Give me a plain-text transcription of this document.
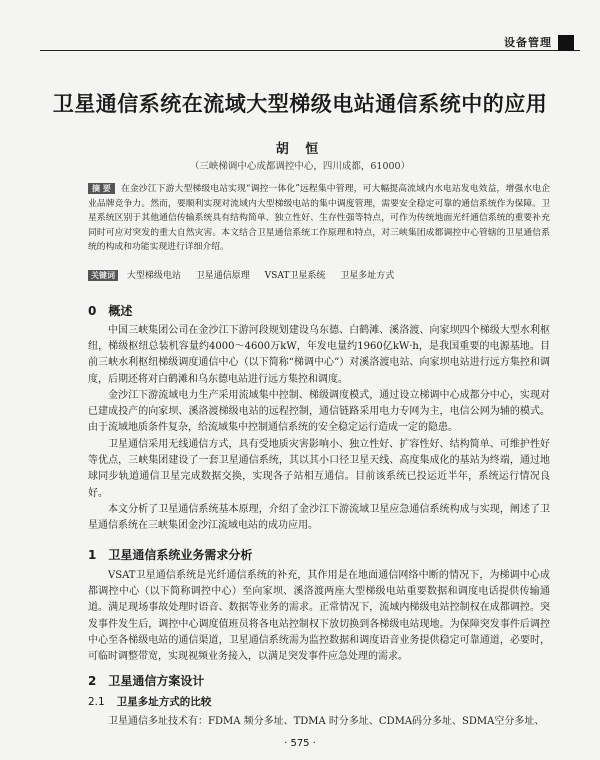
设备管理
卫星通信系统在流域大型梯级电站通信系统中的应用
胡 恒
（三峡梯调中心成都调控中心，四川成都，61000）
摘 要 在金沙江下游大型梯级电站实现“调控一体化”远程集中管理，可大幅提高流域内水电站发电效益，增强水电企业品牌竞争力。然而，要顺利实现对流域内大型梯级电站的集中调度管理，需要安全稳定可靠的通信系统作为保障。卫星系统区别于其他通信传输系统具有结构简单、独立性好、生存性强等特点，可作为传统地面光纤通信系统的重要补充同时可应对突发的重大自然灾害。本文结合卫星通信系统工作原理和特点，对三峡集团成都调控中心管辖的卫星通信系统的构成和功能实现进行详细介绍。
关键词 大型梯级电站 卫星通信原理 VSAT卫星系统 卫星多址方式
0 概述

中国三峡集团公司在金沙江下游河段规划建设乌东德、白鹤滩、溪洛渡、向家坝四个梯级大型水利枢纽，梯级枢纽总装机容量约4000～4600万kW，年发电量约1960亿kW·h，是我国重要的电源基地。目前三峡水利枢纽梯级调度通信中心（以下简称“梯调中心”）对溪洛渡电站、向家坝电站进行远方集控和调度，后期还将对白鹤滩和乌东德电站进行远方集控和调度。

金沙江下游流域电力生产采用流域集中控制、梯级调度模式，通过设立梯调中心成都分中心，实现对已建成投产的向家坝、溪洛渡梯级电站的远程控制，通信链路采用电力专网为主，电信公网为辅的模式。由于流域地质条件复杂，给流域集中控制通信系统的安全稳定运行造成一定的隐患。

卫星通信采用无线通信方式，具有受地质灾害影响小、独立性好、扩容性好、结构简单、可维护性好等优点，三峡集团建设了一套卫星通信系统，其以其小口径卫星天线、高度集成化的基站为终端，通过地球同步轨道通信卫星完成数据交换，实现各子站相互通信。目前该系统已投运近半年，系统运行情况良好。

本文分析了卫星通信系统基本原理，介绍了金沙江下游流域卫星应急通信系统构成与实现，阐述了卫星通信系统在三峡集团金沙江流域电站的成功应用。

1 卫星通信系统业务需求分析

VSAT卫星通信系统是光纤通信系统的补充，其作用是在地面通信网络中断的情况下，为梯调中心成都调控中心（以下简称调控中心）至向家坝、溪洛渡两座大型梯级电站重要数据和调度电话提供传输通道。满足现场事故处理时语音、数据等业务的需求。正常情况下，流域内梯级电站控制权在成都调控。突发事件发生后，调控中心调度值班员将各电站控制权下放切换到各梯级电站现地。为保障突发事件后调控中心至各梯级电站的通信渠道，卫星通信系统需为监控数据和调度语音业务提供稳定可靠通道，必要时，可临时调整带宽，实现视频业务接入，以满足突发事件应急处理的需求。

2 卫星通信方案设计
2.1 卫星多址方式的比较

卫星通信多址技术有：FDMA 频分多址、TDMA 时分多址、CDMA码分多址、SDMA空分多址、

· 575 ·
